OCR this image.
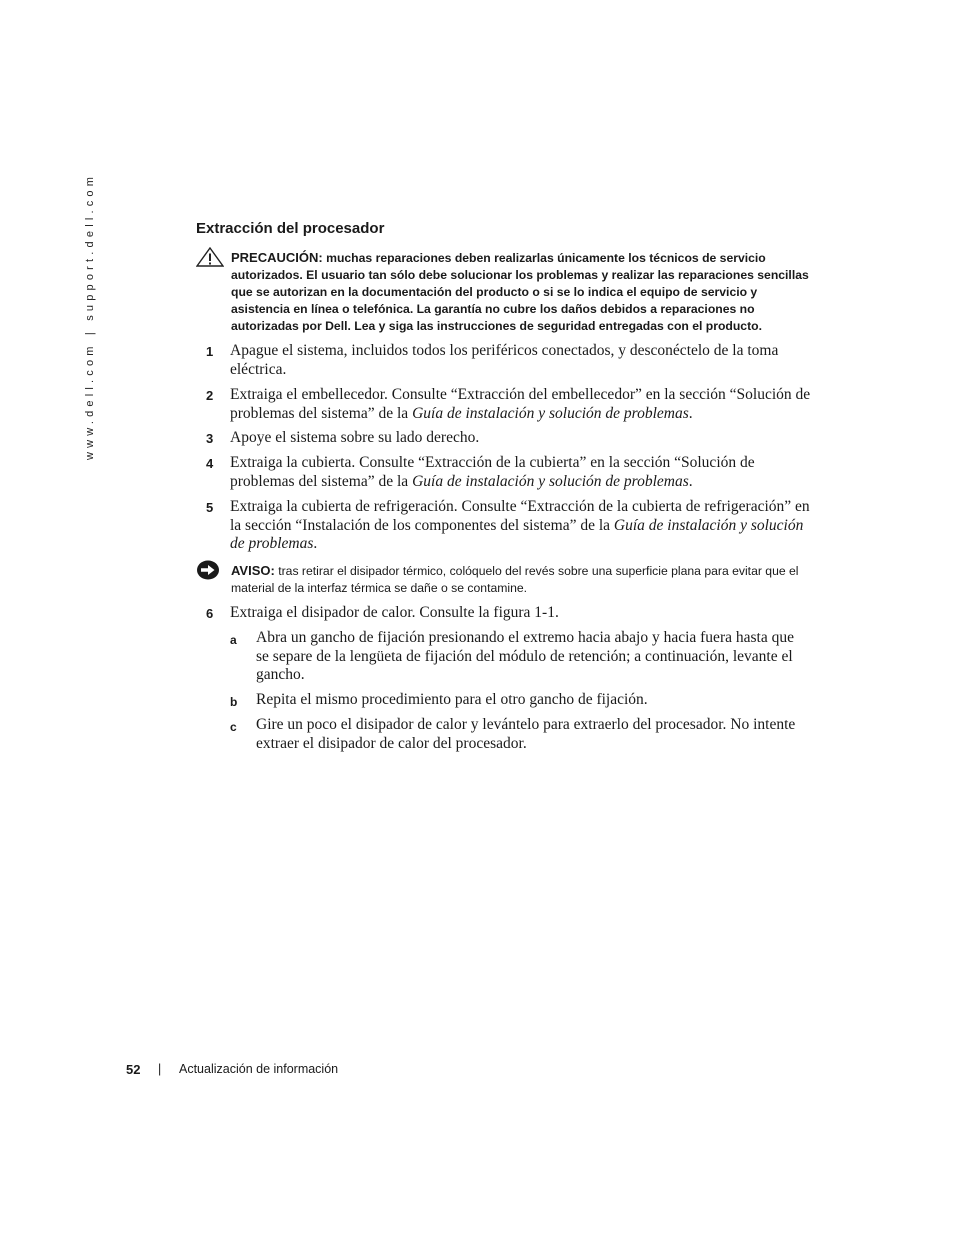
www.dell.com | support.dell.com	Extracción del procesador

PRECAUCIÓN: muchas reparaciones deben realizarlas únicamente los técnicos de servicio autorizados. El usuario tan sólo debe solucionar los problemas y realizar las reparaciones sencillas que se autorizan en la documentación del producto o si se lo indica el equipo de servicio y asistencia en línea o telefónica. La garantía no cubre los daños debidos a reparaciones no autorizadas por Dell. Lea y siga las instrucciones de seguridad entregadas con el producto.

1 Apague el sistema, incluidos todos los periféricos conectados, y desconéctelo de la toma eléctrica.
2 Extraiga el embellecedor. Consulte “Extracción del embellecedor” en la sección “Solución de problemas del sistema” de la Guía de instalación y solución de problemas.
3 Apoye el sistema sobre su lado derecho.
4 Extraiga la cubierta. Consulte “Extracción de la cubierta” en la sección “Solución de problemas del sistema” de la Guía de instalación y solución de problemas.
5 Extraiga la cubierta de refrigeración. Consulte “Extracción de la cubierta de refrigeración” en la sección “Instalación de los componentes del sistema” de la Guía de instalación y solución de problemas.

AVISO: tras retirar el disipador térmico, colóquelo del revés sobre una superficie plana para evitar que el material de la interfaz térmica se dañe o se contamine.

6 Extraiga el disipador de calor. Consulte la figura 1-1.
a Abra un gancho de fijación presionando el extremo hacia abajo y hacia fuera hasta que se separe de la lengüeta de fijación del módulo de retención; a continuación, levante el gancho.
b Repita el mismo procedimiento para el otro gancho de fijación.
c Gire un poco el disipador de calor y levántelo para extraerlo del procesador. No intente extraer el disipador de calor del procesador.
52 | Actualización de información
